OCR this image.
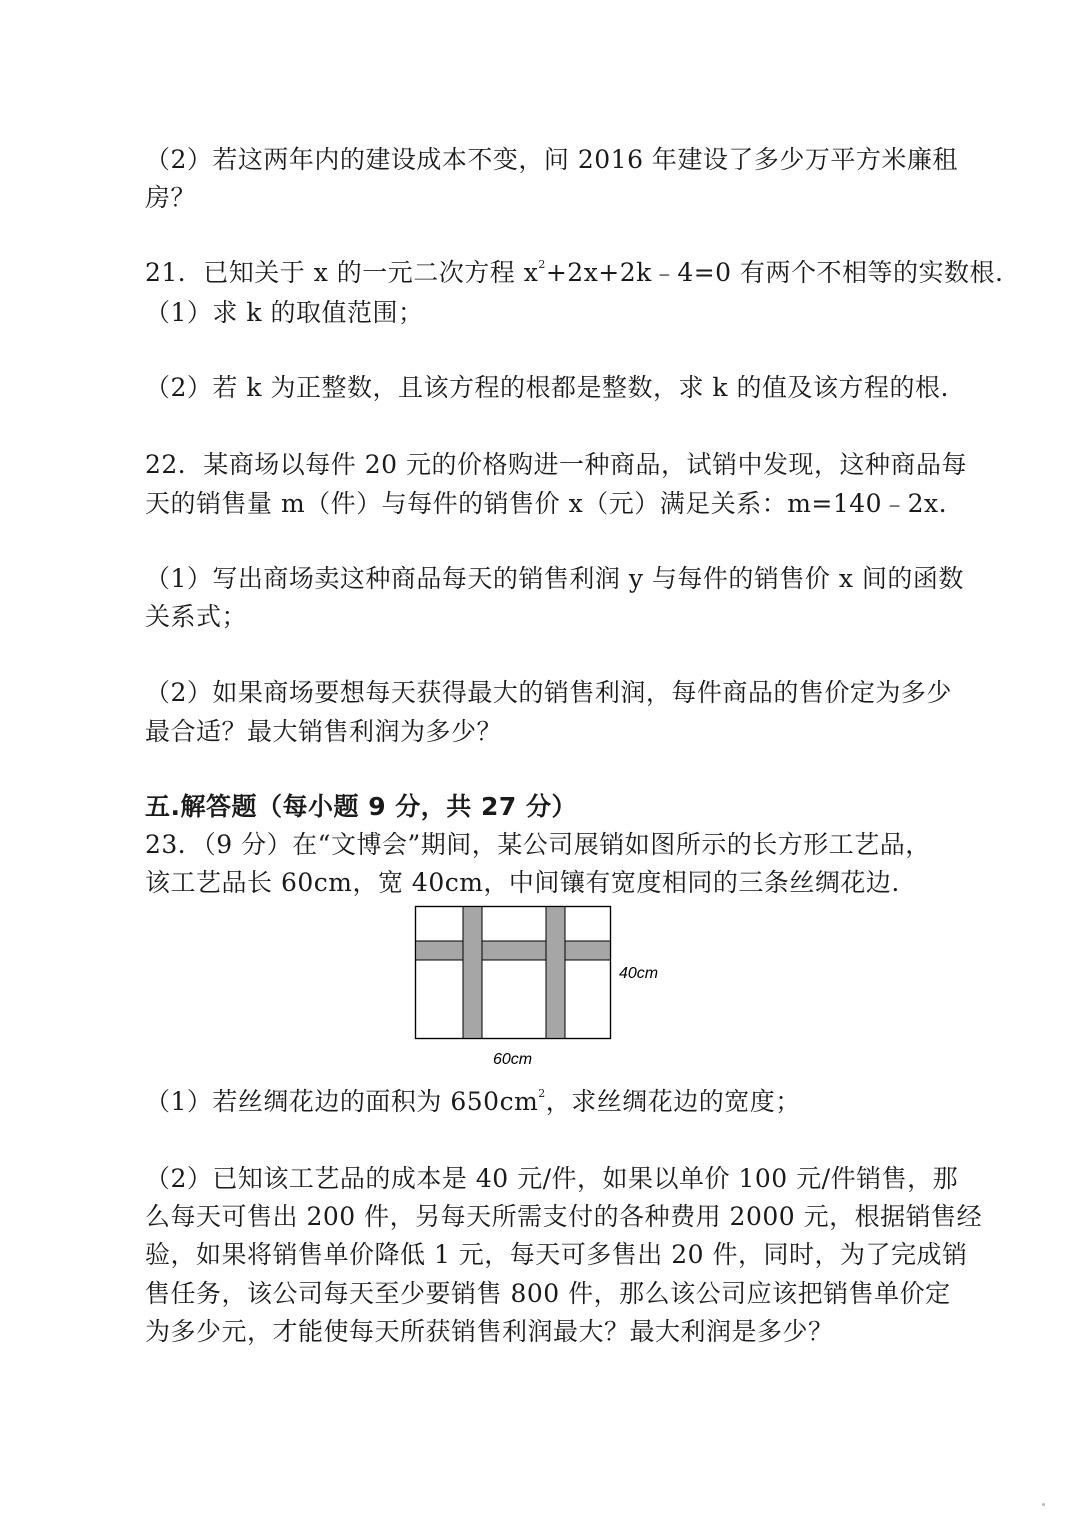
（2）若这两年内的建设成本不变，问 2016 年建设了多少万平方米廉租
房？
21．已知关于 x 的一元二次方程 $x^2+2x+2k﹣4=0$ 有两个不相等的实数根.
（1）求 k 的取值范围；
（2）若 k 为正整数，且该方程的根都是整数，求 k 的值及该方程的根.
22．某商场以每件 20 元的价格购进一种商品，试销中发现，这种商品每
天的销售量 m（件）与每件的销售价 x（元）满足关系：m=140﹣2x.
（1）写出商场卖这种商品每天的销售利润 y 与每件的销售价 x 间的函数
关系式；
（2）如果商场要想每天获得最大的销售利润，每件商品的售价定为多少
最合适？最大销售利润为多少？
五.解答题（每小题 9 分，共 27 分）
23．（9 分）在“文博会”期间，某公司展销如图所示的长方形工艺品，
该工艺品长 60cm，宽 40cm，中间镶有宽度相同的三条丝绸花边.
40cm
60cm
（1）若丝绸花边的面积为 $650cm^2$，求丝绸花边的宽度；
（2）已知该工艺品的成本是 40 元/件，如果以单价 100 元/件销售，那
么每天可售出 200 件，另每天所需支付的各种费用 2000 元，根据销售经
验，如果将销售单价降低 1 元，每天可多售出 20 件，同时，为了完成销
售任务，该公司每天至少要销售 800 件，那么该公司应该把销售单价定
为多少元，才能使每天所获销售利润最大？最大利润是多少？
